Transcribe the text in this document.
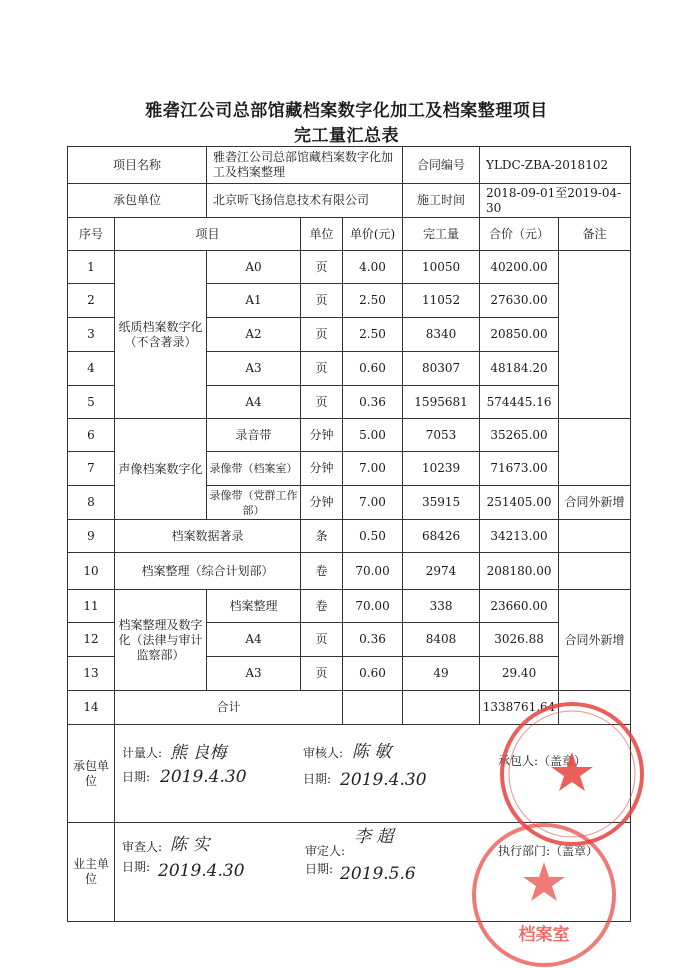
雅砻江公司总部馆藏档案数字化加工及档案整理项目
完工量汇总表
项目名称		雅砻江公司总部馆藏档案数字化加工及档案整理			合同编号	YLDC-ZBA-2018102	
承包单位		北京昕飞扬信息技术有限公司			施工时间	2018-09-01至2019-04-30	
序号	项目		单位	单价(元)	完工量	合价（元）	备注
1	纸质档案数字化（不含著录）	A0	页	4.00	10050	40200.00	
2		A1	页	2.50	11052	27630.00	
3		A2	页	2.50	8340	20850.00	
4		A3	页	0.60	80307	48184.20	
5		A4	页	0.36	1595681	574445.16	
6	声像档案数字化	录音带	分钟	5.00	7053	35265.00	
7		录像带（档案室）	分钟	7.00	10239	71673.00	
8		录像带（党群工作部）	分钟	7.00	35915	251405.00	合同外新增
9	档案数据著录		条	0.50	68426	34213.00	
10	档案整理（综合计划部）		卷	70.00	2974	208180.00	
11	档案整理及数字化（法律与审计监察部）	档案整理	卷	70.00	338	23660.00	合同外新增
12		A4	页	0.36	8408	3026.88	
13		A3	页	0.60	49	29.40	
14	合计					1338761.64	
承包单位							
业主单位							
计量人: 熊 良梅
日期: 2019.4.30
审核人: 陈 敏
日期: 2019.4.30
承包人:（盖章）
审查人: 陈 实
日期: 2019.4.30
审定人:
李 超
日期: 2019.5.6
执行部门:（盖章）
档案室
